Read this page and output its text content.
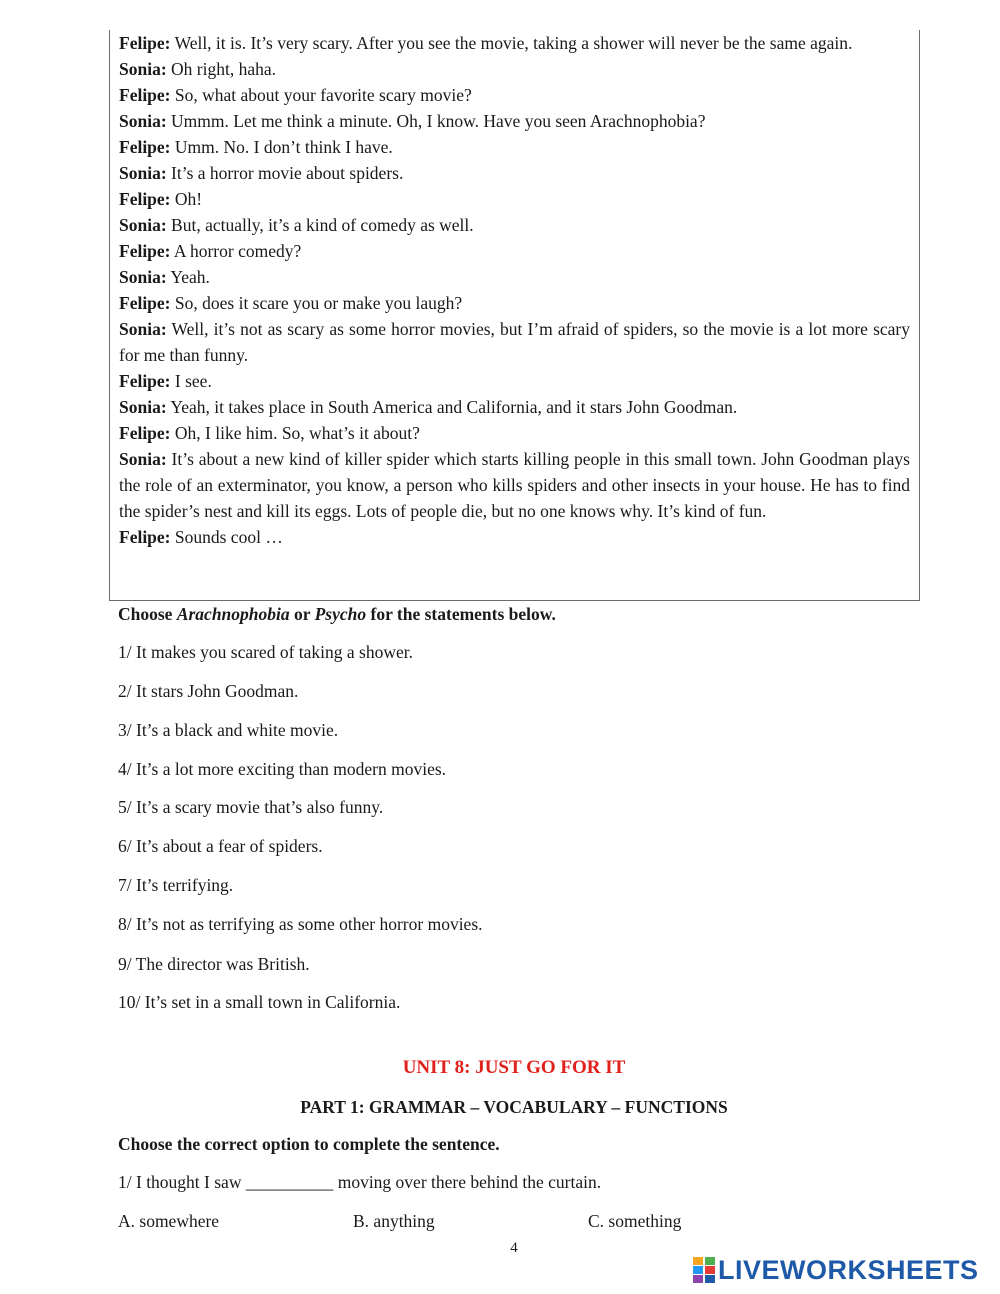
Felipe: Well, it is. It’s very scary. After you see the movie, taking a shower will never be the same again.
Sonia: Oh right, haha.
Felipe: So, what about your favorite scary movie?
Sonia: Ummm. Let me think a minute. Oh, I know. Have you seen Arachnophobia?
Felipe: Umm. No. I don’t think I have.
Sonia: It’s a horror movie about spiders.
Felipe: Oh!
Sonia: But, actually, it’s a kind of comedy as well.
Felipe: A horror comedy?
Sonia: Yeah.
Felipe: So, does it scare you or make you laugh?
Sonia: Well, it’s not as scary as some horror movies, but I’m afraid of spiders, so the movie is a lot more scary for me than funny.
Felipe: I see.
Sonia: Yeah, it takes place in South America and California, and it stars John Goodman.
Felipe: Oh, I like him. So, what’s it about?
Sonia: It’s about a new kind of killer spider which starts killing people in this small town. John Goodman plays the role of an exterminator, you know, a person who kills spiders and other insects in your house. He has to find the spider’s nest and kill its eggs. Lots of people die, but no one knows why. It’s kind of fun.
Felipe: Sounds cool …
Choose Arachnophobia or Psycho for the statements below.
1/ It makes you scared of taking a shower.
2/ It stars John Goodman.
3/ It’s a black and white movie.
4/ It’s a lot more exciting than modern movies.
5/ It’s a scary movie that’s also funny.
6/ It’s about a fear of spiders.
7/ It’s terrifying.
8/ It’s not as terrifying as some other horror movies.
9/ The director was British.
10/ It’s set in a small town in California.
UNIT 8: JUST GO FOR IT
PART 1: GRAMMAR – VOCABULARY – FUNCTIONS
Choose the correct option to complete the sentence.
1/ I thought I saw __________ moving over there behind the curtain.
A. somewhere	B. anything	C. something
4
LIVEWORKSHEETS
